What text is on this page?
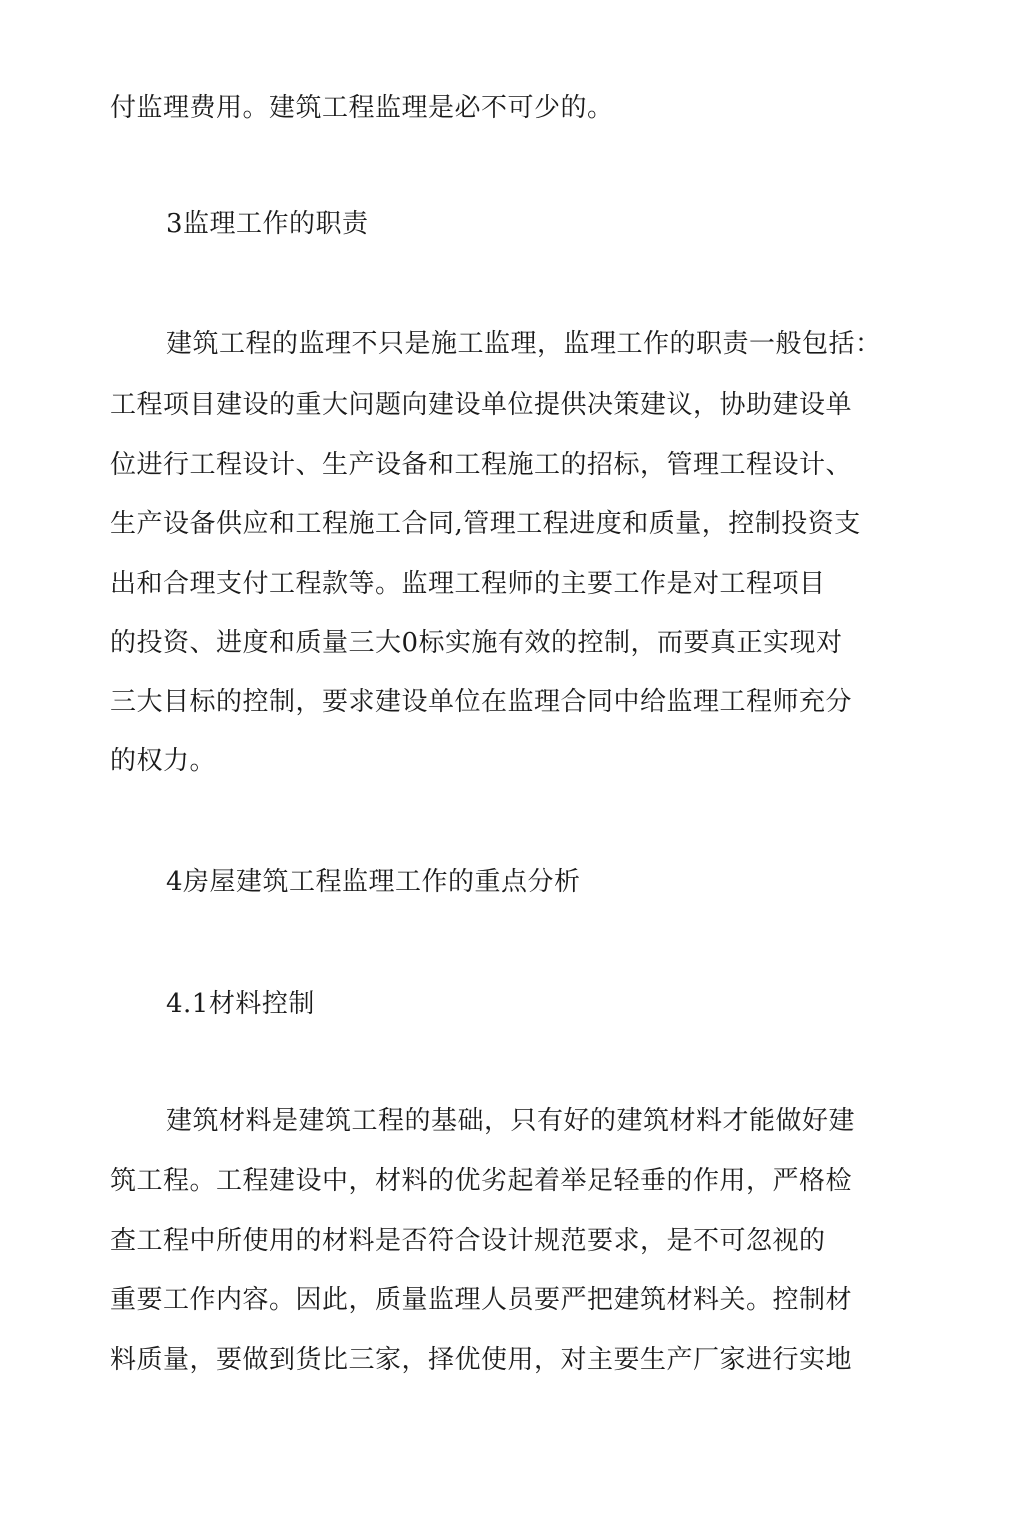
付监理费用。建筑工程监理是必不可少的。
3监理工作的职责
建筑工程的监理不只是施工监理，监理工作的职责一般包括：
工程项目建设的重大问题向建设单位提供决策建议，协助建设单
位进行工程设计、生产设备和工程施工的招标，管理工程设计、
生产设备供应和工程施工合同,管理工程进度和质量，控制投资支
出和合理支付工程款等。监理工程师的主要工作是对工程项目
的投资、进度和质量三大0标实施有效的控制，而要真正实现对
三大目标的控制，要求建设单位在监理合同中给监理工程师充分
的权力。
4房屋建筑工程监理工作的重点分析
4.1材料控制
建筑材料是建筑工程的基础，只有好的建筑材料才能做好建
筑工程。工程建设中，材料的优劣起着举足轻垂的作用，严格检
查工程中所使用的材料是否符合设计规范要求，是不可忽视的
重要工作内容。因此，质量监理人员要严把建筑材料关。控制材
料质量，要做到货比三家，择优使用，对主要生产厂家进行实地
